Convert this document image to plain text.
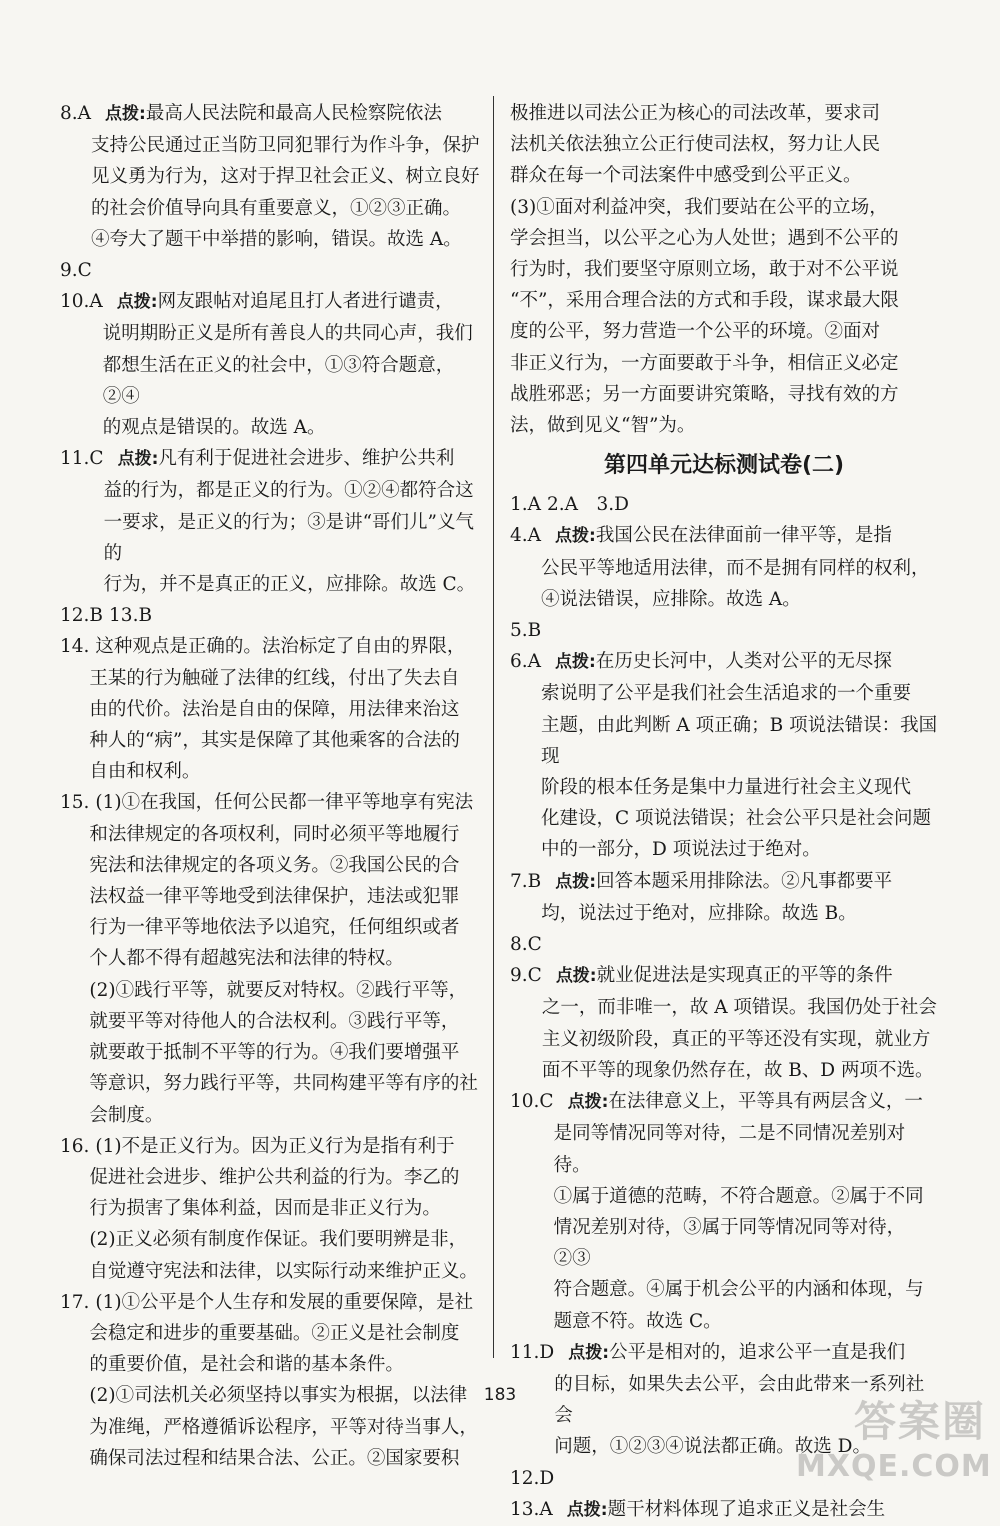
8.A 点拨:最高人民法院和最高人民检察院依法
支持公民通过正当防卫同犯罪行为作斗争，保护
见义勇为行为，这对于捍卫社会正义、树立良好
的社会价值导向具有重要意义，①②③正确。
④夸大了题干中举措的影响，错误。故选 A。
9.C
10.A 点拨:网友跟帖对追尾且打人者进行谴责，
说明期盼正义是所有善良人的共同心声，我们
都想生活在正义的社会中，①③符合题意，②④
的观点是错误的。故选 A。
11.C 点拨:凡有利于促进社会进步、维护公共利
益的行为，都是正义的行为。①②④都符合这
一要求，是正义的行为；③是讲“哥们儿”义气的
行为，并不是真正的正义，应排除。故选 C。
12.B 13.B
14. 这种观点是正确的。法治标定了自由的界限，
王某的行为触碰了法律的红线，付出了失去自
由的代价。法治是自由的保障，用法律来治这
种人的“病”，其实是保障了其他乘客的合法的
自由和权利。
15. (1)①在我国，任何公民都一律平等地享有宪法
和法律规定的各项权利，同时必须平等地履行
宪法和法律规定的各项义务。②我国公民的合
法权益一律平等地受到法律保护，违法或犯罪
行为一律平等地依法予以追究，任何组织或者
个人都不得有超越宪法和法律的特权。
(2)①践行平等，就要反对特权。②践行平等，
就要平等对待他人的合法权利。③践行平等，
就要敢于抵制不平等的行为。④我们要增强平
等意识，努力践行平等，共同构建平等有序的社
会制度。
16. (1)不是正义行为。因为正义行为是指有利于
促进社会进步、维护公共利益的行为。李乙的
行为损害了集体利益，因而是非正义行为。
(2)正义必须有制度作保证。我们要明辨是非，
自觉遵守宪法和法律，以实际行动来维护正义。
17. (1)①公平是个人生存和发展的重要保障，是社
会稳定和进步的重要基础。②正义是社会制度
的重要价值，是社会和谐的基本条件。
(2)①司法机关必须坚持以事实为根据，以法律
为准绳，严格遵循诉讼程序，平等对待当事人，
确保司法过程和结果合法、公正。②国家要积
极推进以司法公正为核心的司法改革，要求司
法机关依法独立公正行使司法权，努力让人民
群众在每一个司法案件中感受到公平正义。
(3)①面对利益冲突，我们要站在公平的立场，
学会担当，以公平之心为人处世；遇到不公平的
行为时，我们要坚守原则立场，敢于对不公平说
“不”，采用合理合法的方式和手段，谋求最大限
度的公平，努力营造一个公平的环境。②面对
非正义行为，一方面要敢于斗争，相信正义必定
战胜邪恶；另一方面要讲究策略，寻找有效的方
法，做到见义“智”为。
第四单元达标测试卷(二)
1.A 2.A　3.D
4.A 点拨:我国公民在法律面前一律平等，是指
公民平等地适用法律，而不是拥有同样的权利，
④说法错误，应排除。故选 A。
5.B
6.A 点拨:在历史长河中，人类对公平的无尽探
索说明了公平是我们社会生活追求的一个重要
主题，由此判断 A 项正确；B 项说法错误：我国现
阶段的根本任务是集中力量进行社会主义现代
化建设，C 项说法错误；社会公平只是社会问题
中的一部分，D 项说法过于绝对。
7.B 点拨:回答本题采用排除法。②凡事都要平
均，说法过于绝对，应排除。故选 B。
8.C
9.C 点拨:就业促进法是实现真正的平等的条件
之一，而非唯一，故 A 项错误。我国仍处于社会
主义初级阶段，真正的平等还没有实现，就业方
面不平等的现象仍然存在，故 B、D 两项不选。
10.C 点拨:在法律意义上，平等具有两层含义，一
是同等情况同等对待，二是不同情况差别对待。
①属于道德的范畴，不符合题意。②属于不同
情况差别对待，③属于同等情况同等对待，②③
符合题意。④属于机会公平的内涵和体现，与
题意不符。故选 C。
11.D 点拨:公平是相对的，追求公平一直是我们
的目标，如果失去公平，会由此带来一系列社会
问题，①②③④说法都正确。故选 D。
12.D
13.A 点拨:题干材料体现了追求正义是社会生
183
答案圈
MXQE.COM
